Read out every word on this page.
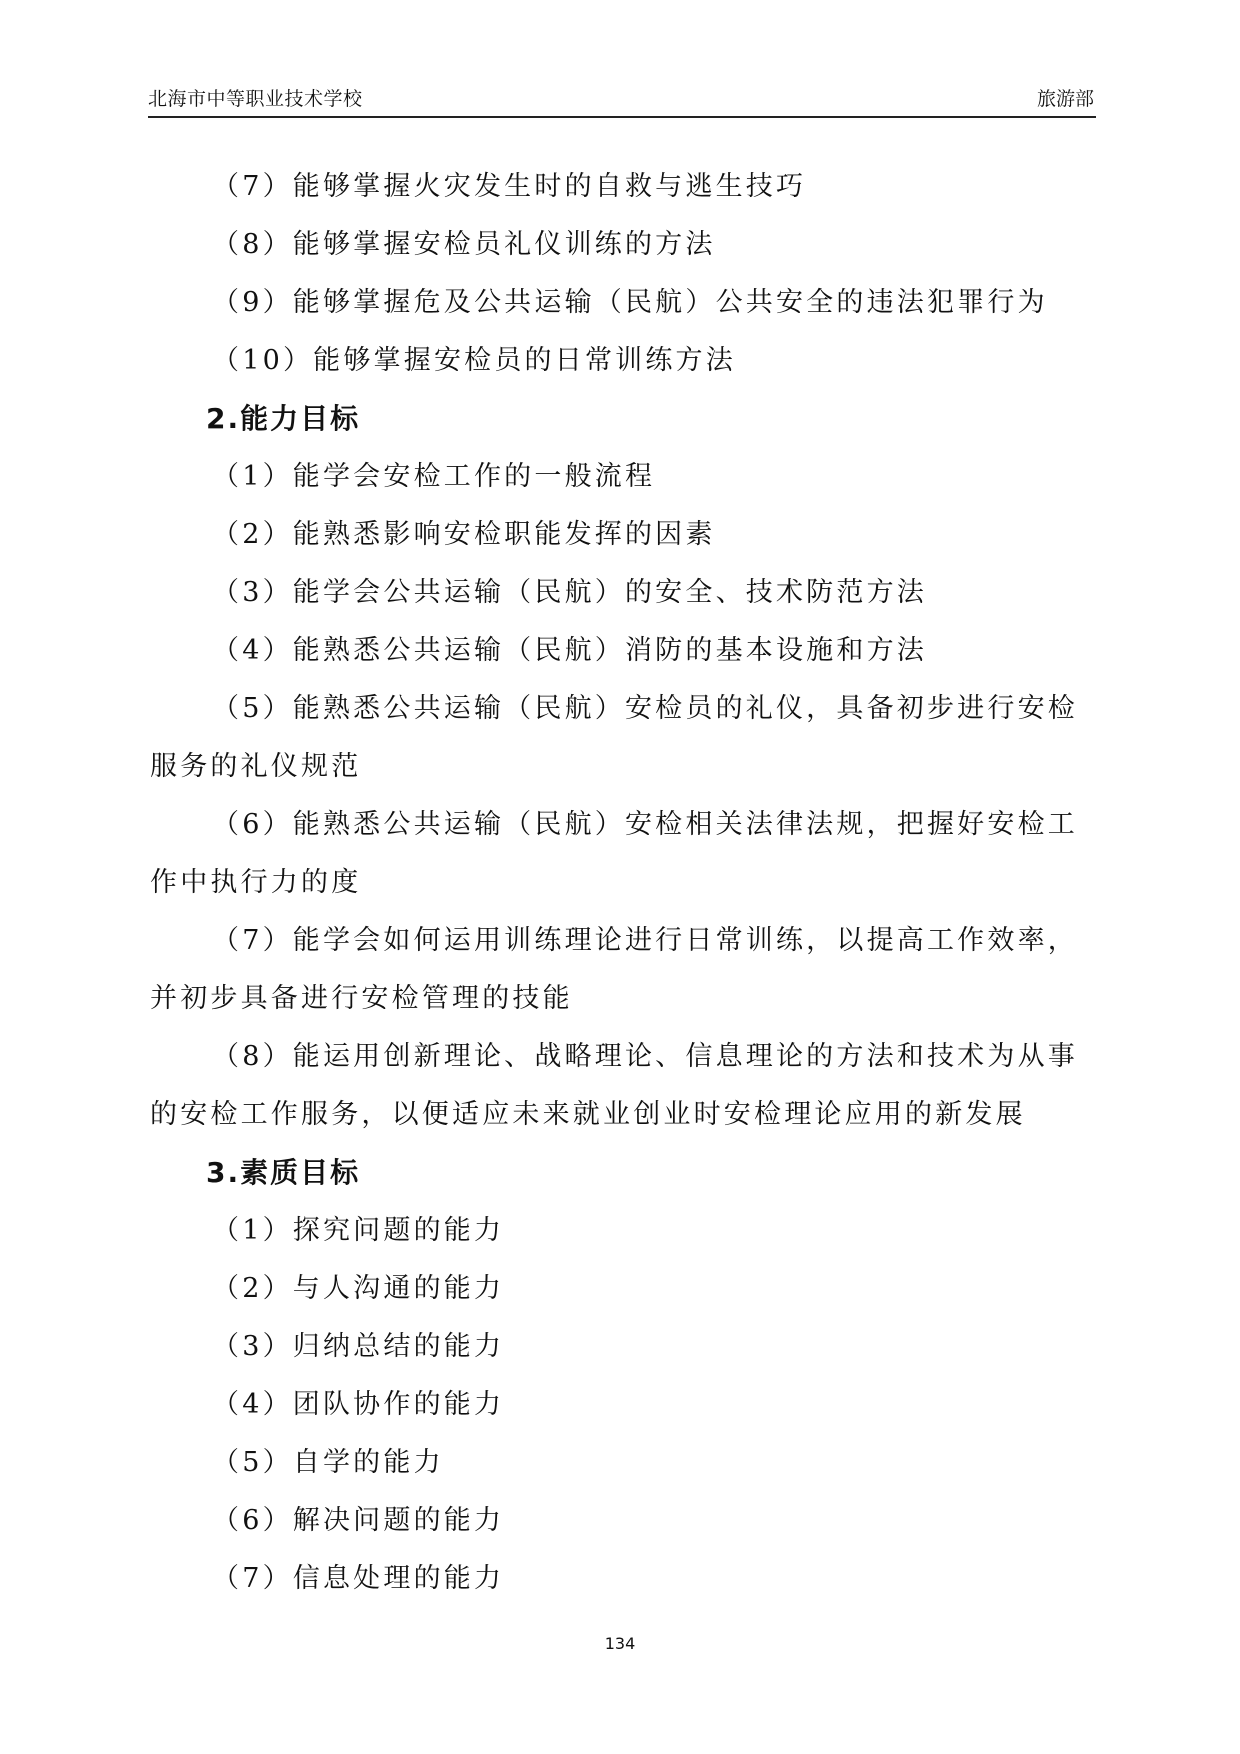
北海市中等职业技术学校	旅游部

（7）能够掌握火灾发生时的自救与逃生技巧

（8）能够掌握安检员礼仪训练的方法

（9）能够掌握危及公共运输（民航）公共安全的违法犯罪行为

（10）能够掌握安检员的日常训练方法

2.能力目标

（1）能学会安检工作的一般流程

（2）能熟悉影响安检职能发挥的因素

（3）能学会公共运输（民航）的安全、技术防范方法

（4）能熟悉公共运输（民航）消防的基本设施和方法

（5）能熟悉公共运输（民航）安检员的礼仪，具备初步进行安检服务的礼仪规范

（6）能熟悉公共运输（民航）安检相关法律法规，把握好安检工作中执行力的度

（7）能学会如何运用训练理论进行日常训练，以提高工作效率，并初步具备进行安检管理的技能

（8）能运用创新理论、战略理论、信息理论的方法和技术为从事的安检工作服务，以便适应未来就业创业时安检理论应用的新发展

3.素质目标

（1）探究问题的能力

（2）与人沟通的能力

（3）归纳总结的能力

（4）团队协作的能力

（5）自学的能力

（6）解决问题的能力

（7）信息处理的能力

134
